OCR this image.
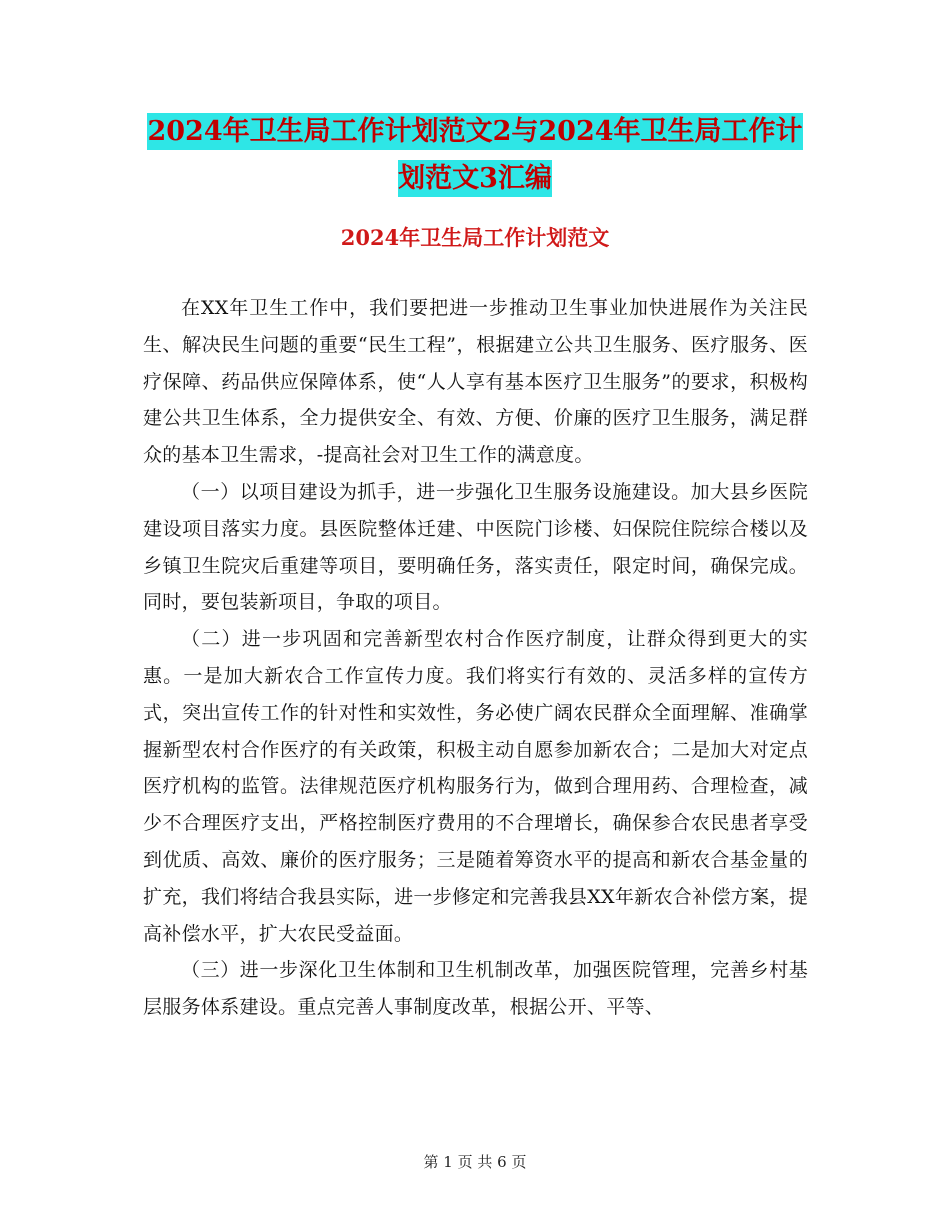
2024年卫生局工作计划范文2与2024年卫生局工作计
划范文3汇编
2024年卫生局工作计划范文

在XX年卫生工作中，我们要把进一步推动卫生事业加快进展作为关注民生、解决民生问题的重要“民生工程”，根据建立公共卫生服务、医疗服务、医疗保障、药品供应保障体系，使“人人享有基本医疗卫生服务”的要求，积极构建公共卫生体系，全力提供安全、有效、方便、价廉的医疗卫生服务，满足群众的基本卫生需求，-提高社会对卫生工作的满意度。

（一）以项目建设为抓手，进一步强化卫生服务设施建设。加大县乡医院建设项目落实力度。县医院整体迁建、中医院门诊楼、妇保院住院综合楼以及乡镇卫生院灾后重建等项目，要明确任务，落实责任，限定时间，确保完成。同时，要包装新项目，争取的项目。

（二）进一步巩固和完善新型农村合作医疗制度，让群众得到更大的实惠。一是加大新农合工作宣传力度。我们将实行有效的、灵活多样的宣传方式，突出宣传工作的针对性和实效性，务必使广阔农民群众全面理解、准确掌握新型农村合作医疗的有关政策，积极主动自愿参加新农合；二是加大对定点医疗机构的监管。法律规范医疗机构服务行为，做到合理用药、合理检查，减少不合理医疗支出，严格控制医疗费用的不合理增长，确保参合农民患者享受到优质、高效、廉价的医疗服务；三是随着筹资水平的提高和新农合基金量的扩充，我们将结合我县实际，进一步修定和完善我县XX年新农合补偿方案，提高补偿水平，扩大农民受益面。

（三）进一步深化卫生体制和卫生机制改革，加强医院管理，完善乡村基层服务体系建设。重点完善人事制度改革，根据公开、平等、

第 1 页 共 6 页
